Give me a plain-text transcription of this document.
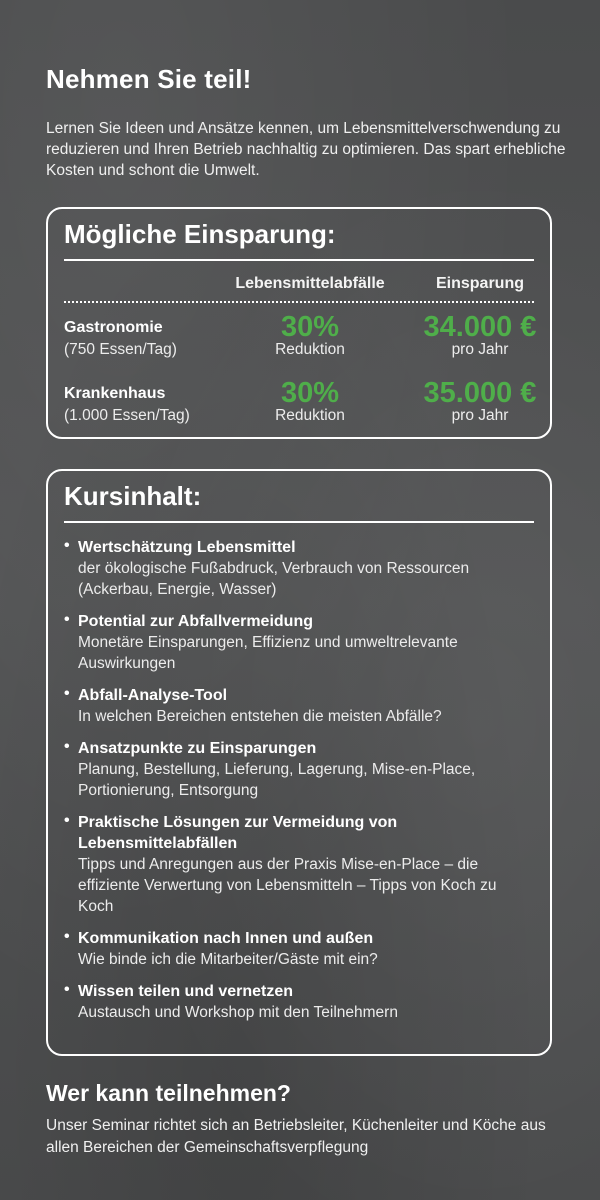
Nehmen Sie teil!

Lernen Sie Ideen und Ansätze kennen, um Lebensmittelverschwendung zu reduzieren und Ihren Betrieb nachhaltig zu optimieren. Das spart erhebliche Kosten und schont die Umwelt.

Mögliche Einsparung:
Lebensmittelabfälle	Einsparung
Gastronomie
(750 Essen/Tag)
30%
Reduktion
34.000 €
pro Jahr
Krankenhaus
(1.000 Essen/Tag)
30%
Reduktion
35.000 €
pro Jahr
Kursinhalt:
• Wertschätzung Lebensmittel
der ökologische Fußabdruck, Verbrauch von Ressourcen (Ackerbau, Energie, Wasser)
• Potential zur Abfallvermeidung
Monetäre Einsparungen, Effizienz und umweltrelevante Auswirkungen
• Abfall-Analyse-Tool
In welchen Bereichen entstehen die meisten Abfälle?
• Ansatzpunkte zu Einsparungen
Planung, Bestellung, Lieferung, Lagerung, Mise-en-Place, Portionierung, Entsorgung
• Praktische Lösungen zur Vermeidung von Lebensmittelabfällen
Tipps und Anregungen aus der Praxis Mise-en-Place – die effiziente Verwertung von Lebensmitteln – Tipps von Koch zu Koch
• Kommunikation nach Innen und außen
Wie binde ich die Mitarbeiter/Gäste mit ein?
• Wissen teilen und vernetzen
Austausch und Workshop mit den Teilnehmern
Wer kann teilnehmen?

Unser Seminar richtet sich an Betriebsleiter, Küchenleiter und Köche aus allen Bereichen der Gemeinschaftsverpflegung
